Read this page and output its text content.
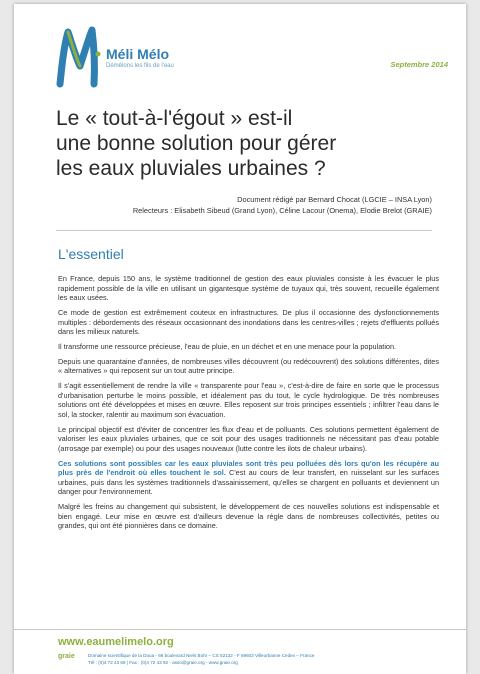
Méli Mélo
Démêlons les fils de l'eau	Septembre 2014
Le « tout-à-l'égout » est-il
une bonne solution pour gérer
les eaux pluviales urbaines ?
Document rédigé par Bernard Chocat (LGCIE – INSA Lyon)
Relecteurs : Elisabeth Sibeud (Grand Lyon), Céline Lacour (Onema), Elodie Brelot (GRAIE)
L'essentiel

En France, depuis 150 ans, le système traditionnel de gestion des eaux pluviales consiste à les évacuer le plus rapidement possible de la ville en utilisant un gigantesque système de tuyaux qui, très souvent, recueille également les eaux usées.

Ce mode de gestion est extrêmement couteux en infrastructures. De plus il occasionne des dysfonctionnements multiples : débordements des réseaux occasionnant des inondations dans les centres-villes ; rejets d'effluents pollués dans les milieux naturels.

Il transforme une ressource précieuse, l'eau de pluie, en un déchet et en une menace pour la population.

Depuis une quarantaine d'années, de nombreuses villes découvrent (ou redécouvrent) des solutions différentes, dites « alternatives » qui reposent sur un tout autre principe.

Il s'agit essentiellement de rendre la ville « transparente pour l'eau », c'est-à-dire de faire en sorte que le processus d'urbanisation perturbe le moins possible, et idéalement pas du tout, le cycle hydrologique. De très nombreuses solutions ont été développées et mises en œuvre. Elles reposent sur trois principes essentiels ; infiltrer l'eau dans le sol, la stocker, ralentir au maximum son évacuation.

Le principal objectif est d'éviter de concentrer les flux d'eau et de polluants. Ces solutions permettent également de valoriser les eaux pluviales urbaines, que ce soit pour des usages traditionnels ne nécessitant pas d'eau potable (arrosage par exemple) ou pour des usages nouveaux (lutte contre les ilots de chaleur urbains).

Ces solutions sont possibles car les eaux pluviales sont très peu polluées dès lors qu'on les récupère au plus près de l'endroit où elles touchent le sol. C'est au cours de leur transfert, en ruisselant sur les surfaces urbaines, puis dans les systèmes traditionnels d'assainissement, qu'elles se chargent en polluants et deviennent un danger pour l'environnement.

Malgré les freins au changement qui subsistent, le développement de ces nouvelles solutions est indispensable et bien engagé. Leur mise en œuvre est d'ailleurs devenue la règle dans de nombreuses collectivités, petites ou grandes, qui ont été pionnières dans ce domaine.

www.eaumelimelo.org
graie	Domaine scientifique de la Doua - 66 boulevard Niels Bohr – CS 52132 - F 69603 Villeurbanne Cedex – France
Tél : (0)4 72 43 68 | Fax : (0)4 72 43 92 - asso@graie.org - www.graie.org
